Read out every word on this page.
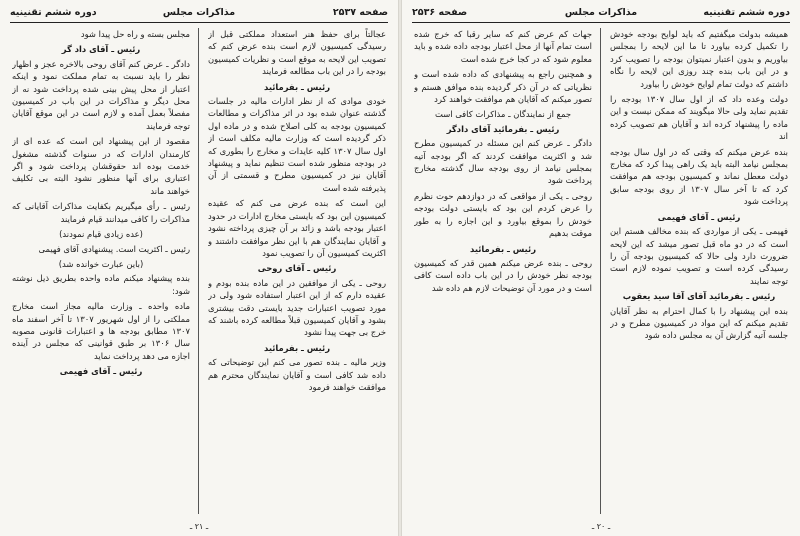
صفحه ۲۵۳۷
مذاکرات مجلس
دوره ششم تقنینیه

عجالتاً برای حفظ هنر استعداد مملکتی قبل از رسیدگی کمیسیون لازم است بنده عرض کنم که تصویب این لایحه به موقع است و نظریات کمیسیون بودجه را در این باب مطالعه فرمایند

رئیس ـ بفرمائید

خودی موادی که از نظر ادارات مالیه در جلسات گذشته عنوان شده بود در اثر مذاکرات و مطالعات کمیسیون بودجه به کلی اصلاح شده و در ماده اول ذکر گردیده است که وزارت مالیه مکلف است از اول سال ۱۳۰۷ کلیه عایدات و مخارج را بطوری که در بودجه منظور شده است تنظیم نماید و پیشنهاد آقایان نیز در کمیسیون مطرح و قسمتی از آن پذیرفته شده است

این است که بنده عرض می کنم که عقیده کمیسیون این بود که بایستی مخارج ادارات در حدود اعتبار بودجه باشد و زائد بر آن چیزی پرداخته نشود و آقایان نمایندگان هم با این نظر موافقت داشتند و اکثریت کمیسیون آن را تصویب نمود

رئیس ـ آقای روحی

روحی ـ یکی از موافقین در این ماده بنده بودم و عقیده دارم که از این اعتبار استفاده شود ولی در مورد تصویب اعتبارات جدید بایستی دقت بیشتری بشود و آقایان کمیسیون قبلاً مطالعه کرده باشند که خرج بی جهت پیدا نشود

رئیس ـ بفرمائید

وزیر مالیه ـ بنده تصور می کنم این توضیحاتی که داده شد کافی است و آقایان نمایندگان محترم هم موافقت خواهند فرمود

مجلس بسته و راه حل پیدا شود

رئیس ـ آقای داد گر

دادگر ـ عرض کنم آقای روحی بالاخره عجز و اظهار نظر را باید نسبت به تمام مملکت نمود و اینکه اعتبار از محل پیش بینی شده پرداخت شود نه از محل دیگر و مذاکرات در این باب در کمیسیون مفصلاً بعمل آمده و لازم است در این موقع آقایان توجه فرمایند

مقصود از این پیشنهاد این است که عده ای از کارمندان ادارات که در سنوات گذشته مشغول خدمت بوده اند حقوقشان پرداخت شود و اگر اعتباری برای آنها منظور نشود البته بی تکلیف خواهند ماند

رئیس ـ رأی میگیریم بکفایت مذاکرات آقایانی که مذاکرات را کافی میدانند قیام فرمایند

(عده زیادی قیام نمودند)

رئیس ـ اکثریت است. پیشنهادی آقای فهیمی

(باین عبارت خوانده شد)

بنده پیشنهاد میکنم ماده واحده بطریق ذیل نوشته شود:

ماده واحده ـ وزارت مالیه مجاز است مخارج مملکتی را از اول شهریور ۱۳۰۷ تا آخر اسفند ماه ۱۳۰۷ مطابق بودجه ها و اعتبارات قانونی مصوبه سال ۱۳۰۶ بر طبق قوانینی که مجلس در آینده اجازه می دهد پرداخت نماید

رئیس ـ آقای فهیمی

ـ ۲۱ ـ
دوره ششم تقنینیه
مذاکرات مجلس
صفحه ۲۵۳۶

همیشه بدولت میگفتیم که باید لوایح بودجه خودش را تکمیل کرده بیاورد تا ما این لایحه را بمجلس بیاوریم و بدون اعتبار نمیتوان بودجه را تصویب کرد و در این باب بنده چند روزی این لایحه را نگاه داشتم که دولت تمام لوایح خودش را بیاورد

دولت وعده داد که از اول سال ۱۳۰۷ بودجه را تقدیم نماید ولی حالا میگویند که ممکن نیست و این ماده را پیشنهاد کرده اند و آقایان هم تصویب کرده اند

بنده عرض میکنم که وقتی که در اول سال بودجه بمجلس نیامد البته باید یک راهی پیدا کرد که مخارج دولت معطل نماند و کمیسیون بودجه هم موافقت کرد که تا آخر سال ۱۳۰۷ از روی بودجه سابق پرداخت شود

رئیس ـ آقای فهیمی

فهیمی ـ یکی از مواردی که بنده مخالف هستم این است که در دو ماه قبل تصور میشد که این لایحه ضرورت دارد ولی حالا که کمیسیون بودجه آن را رسیدگی کرده است و تصویب نموده لازم است توجه نمایند

رئیس ـ بفرمائید آقای آقا سید یعقوب

بنده این پیشنهاد را با کمال احترام به نظر آقایان تقدیم میکنم که این مواد در کمیسیون مطرح و در جلسه آتیه گزارش آن به مجلس داده شود

جهات کم عرض کنم که سایر رقبا که خرج شده است تمام آنها از محل اعتبار بودجه داده شده و باید معلوم شود که در کجا خرج شده است

و همچنین راجع به پیشنهادی که داده شده است و نظریاتی که در آن ذکر گردیده بنده موافق هستم و تصور میکنم که آقایان هم موافقت خواهند کرد

جمع از نمایندگان ـ مذاکرات کافی است

رئیس ـ بفرمائید آقای دادگر

دادگر ـ عرض کنم این مسئله در کمیسیون مطرح شد و اکثریت موافقت کردند که اگر بودجه آتیه بمجلس نیامد از روی بودجه سال گذشته مخارج پرداخت شود

روحی ـ یکی از مواقعی که در دوازدهم حوت نظرم را عرض کردم این بود که بایستی دولت بودجه خودش را بموقع بیاورد و این اجازه را به طور موقت بدهیم

رئیس ـ بفرمائید

روحی ـ بنده عرض میکنم همین قدر که کمیسیون بودجه نظر خودش را در این باب داده است کافی است و در مورد آن توضیحات لازم هم داده شد

ـ ۲۰ ـ
